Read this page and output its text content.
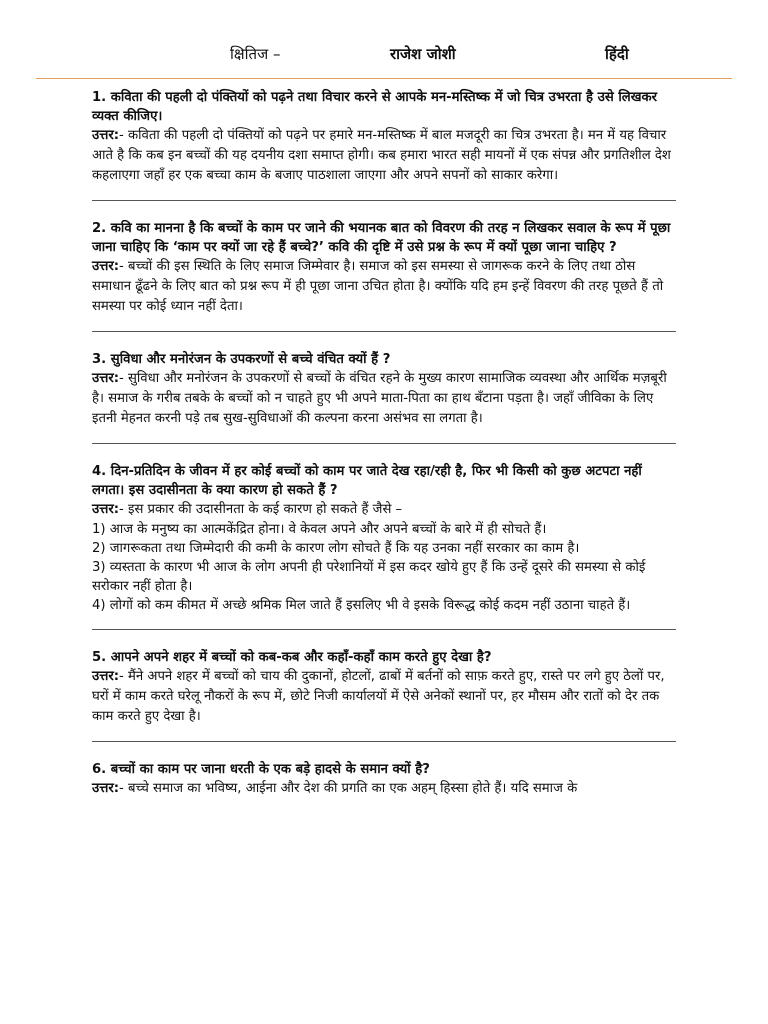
क्षितिज –	राजेश जोशी	हिंदी

1. कविता की पहली दो पंक्तियों को पढ़ने तथा विचार करने से आपके मन-मस्तिष्क में जो चित्र उभरता है उसे लिखकर व्यक्त कीजिए।

उत्तर:- कविता की पहली दो पंक्तियों को पढ़ने पर हमारे मन-मस्तिष्क में बाल मजदूरी का चित्र उभरता है। मन में यह विचार आते है कि कब इन बच्चों की यह दयनीय दशा समाप्त होगी। कब हमारा भारत सही मायनों में एक संपन्न और प्रगतिशील देश कहलाएगा जहाँ हर एक बच्चा काम के बजाए पाठशाला जाएगा और अपने सपनों को साकार करेगा।

2. कवि का मानना है कि बच्चों के काम पर जाने की भयानक बात को विवरण की तरह न लिखकर सवाल के रूप में पूछा जाना चाहिए कि ‘काम पर क्यों जा रहे हैं बच्चे?’ कवि की दृष्टि में उसे प्रश्न के रूप में क्यों पूछा जाना चाहिए ?

उत्तर:- बच्चों की इस स्थिति के लिए समाज जिम्मेवार है। समाज को इस समस्या से जागरूक करने के लिए तथा ठोस समाधान ढूँढने के लिए बात को प्रश्न रूप में ही पूछा जाना उचित होता है। क्योंकि यदि हम इन्हें विवरण की तरह पूछते हैं तो समस्या पर कोई ध्यान नहीं देता।

3. सुविधा और मनोरंजन के उपकरणों से बच्चे वंचित क्यों हैं ?

उत्तर:- सुविधा और मनोरंजन के उपकरणों से बच्चों के वंचित रहने के मुख्य कारण सामाजिक व्यवस्था और आर्थिक मज़बूरी है। समाज के गरीब तबके के बच्चों को न चाहते हुए भी अपने माता-पिता का हाथ बँटाना पड़ता है। जहाँ जीविका के लिए इतनी मेहनत करनी पड़े तब सुख-सुविधाओं की कल्पना करना असंभव सा लगता है।

4. दिन-प्रतिदिन के जीवन में हर कोई बच्चों को काम पर जाते देख रहा/रही है, फिर भी किसी को कुछ अटपटा नहीं लगता। इस उदासीनता के क्या कारण हो सकते हैं ?

उत्तर:- इस प्रकार की उदासीनता के कई कारण हो सकते हैं जैसे –

1) आज के मनुष्य का आत्मकेंद्रित होना। वे केवल अपने और अपने बच्चों के बारे में ही सोचते हैं।
2) जागरूकता तथा जिम्मेदारी की कमी के कारण लोग सोचते हैं कि यह उनका नहीं सरकार का काम है।
3) व्यस्तता के कारण भी आज के लोग अपनी ही परेशानियों में इस कदर खोये हुए हैं कि उन्हें दूसरे की समस्या से कोई सरोकार नहीं होता है।
4) लोगों को कम कीमत में अच्छे श्रमिक मिल जाते हैं इसलिए भी वे इसके विरूद्ध कोई कदम नहीं उठाना चाहते हैं।

5. आपने अपने शहर में बच्चों को कब-कब और कहाँ-कहाँ काम करते हुए देखा है?

उत्तर:- मैंने अपने शहर में बच्चों को चाय की दुकानों, होटलों, ढाबों में बर्तनों को साफ़ करते हुए, रास्ते पर लगे हुए ठेलों पर, घरों में काम करते घरेलू नौकरों के रूप में, छोटे निजी कार्यालयों में ऐसे अनेकों स्थानों पर, हर मौसम और रातों को देर तक काम करते हुए देखा है।

6. बच्चों का काम पर जाना धरती के एक बड़े हादसे के समान क्यों है?

उत्तर:- बच्चे समाज का भविष्य, आईना और देश की प्रगति का एक अहम् हिस्सा होते हैं। यदि समाज के
